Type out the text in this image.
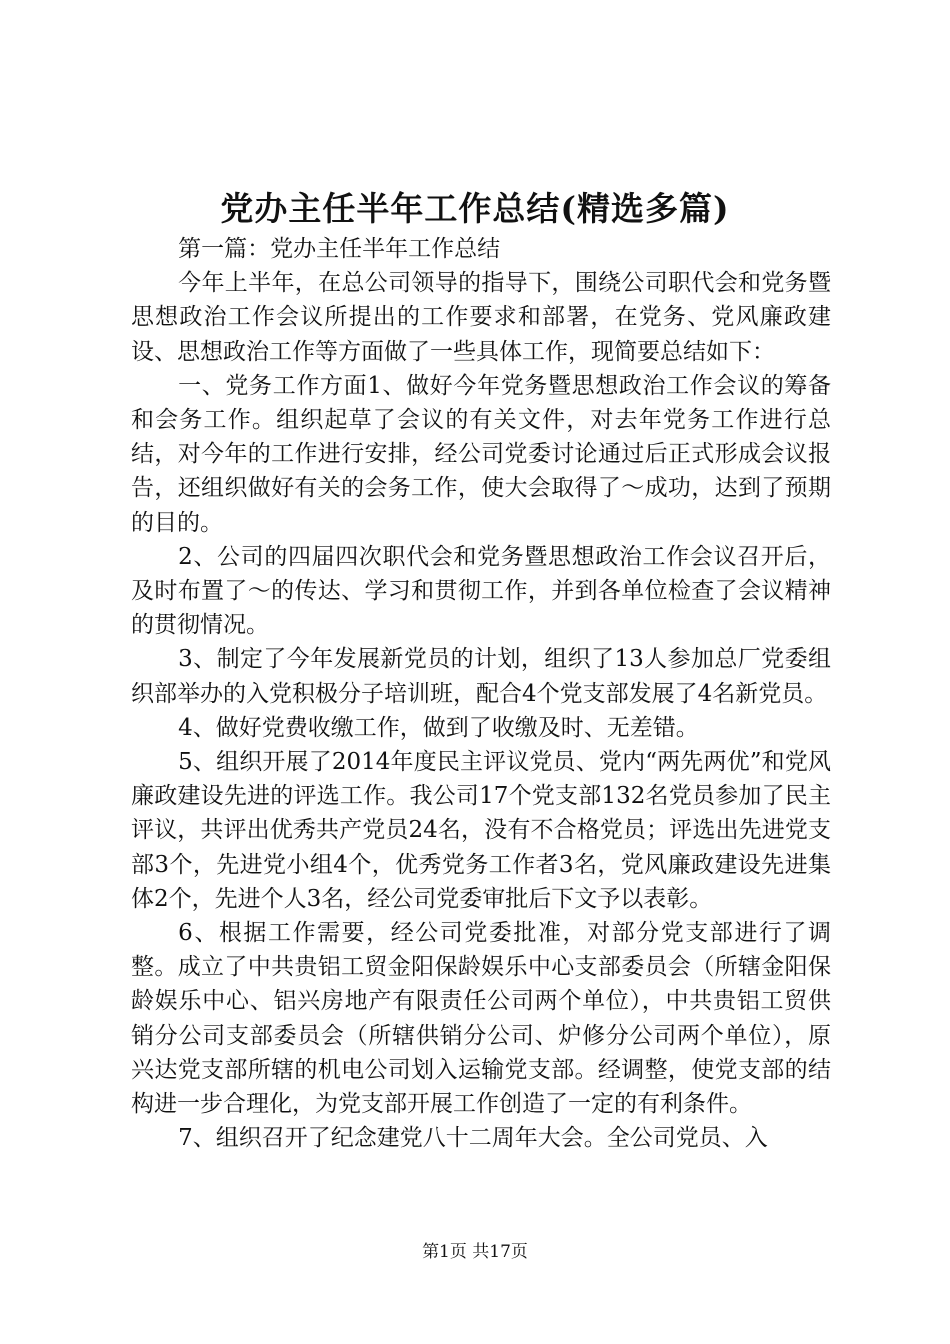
党办主任半年工作总结(精选多篇)

第一篇：党办主任半年工作总结

今年上半年，在总公司领导的指导下，围绕公司职代会和党务暨思想政治工作会议所提出的工作要求和部署，在党务、党风廉政建设、思想政治工作等方面做了一些具体工作，现简要总结如下：

一、党务工作方面1、做好今年党务暨思想政治工作会议的筹备和会务工作。组织起草了会议的有关文件，对去年党务工作进行总结，对今年的工作进行安排，经公司党委讨论通过后正式形成会议报告，还组织做好有关的会务工作，使大会取得了～成功，达到了预期的目的。

2、公司的四届四次职代会和党务暨思想政治工作会议召开后，及时布置了～的传达、学习和贯彻工作，并到各单位检查了会议精神的贯彻情况。

3、制定了今年发展新党员的计划，组织了13人参加总厂党委组织部举办的入党积极分子培训班，配合4个党支部发展了4名新党员。

4、做好党费收缴工作，做到了收缴及时、无差错。

5、组织开展了2014年度民主评议党员、党内“两先两优”和党风廉政建设先进的评选工作。我公司17个党支部132名党员参加了民主评议，共评出优秀共产党员24名，没有不合格党员；评选出先进党支部3个，先进党小组4个，优秀党务工作者3名，党风廉政建设先进集体2个，先进个人3名，经公司党委审批后下文予以表彰。

6、根据工作需要，经公司党委批准，对部分党支部进行了调整。成立了中共贵铝工贸金阳保龄娱乐中心支部委员会（所辖金阳保龄娱乐中心、铝兴房地产有限责任公司两个单位），中共贵铝工贸供销分公司支部委员会（所辖供销分公司、炉修分公司两个单位），原兴达党支部所辖的机电公司划入运输党支部。经调整，使党支部的结构进一步合理化，为党支部开展工作创造了一定的有利条件。

7、组织召开了纪念建党八十二周年大会。全公司党员、入

第1页 共17页
